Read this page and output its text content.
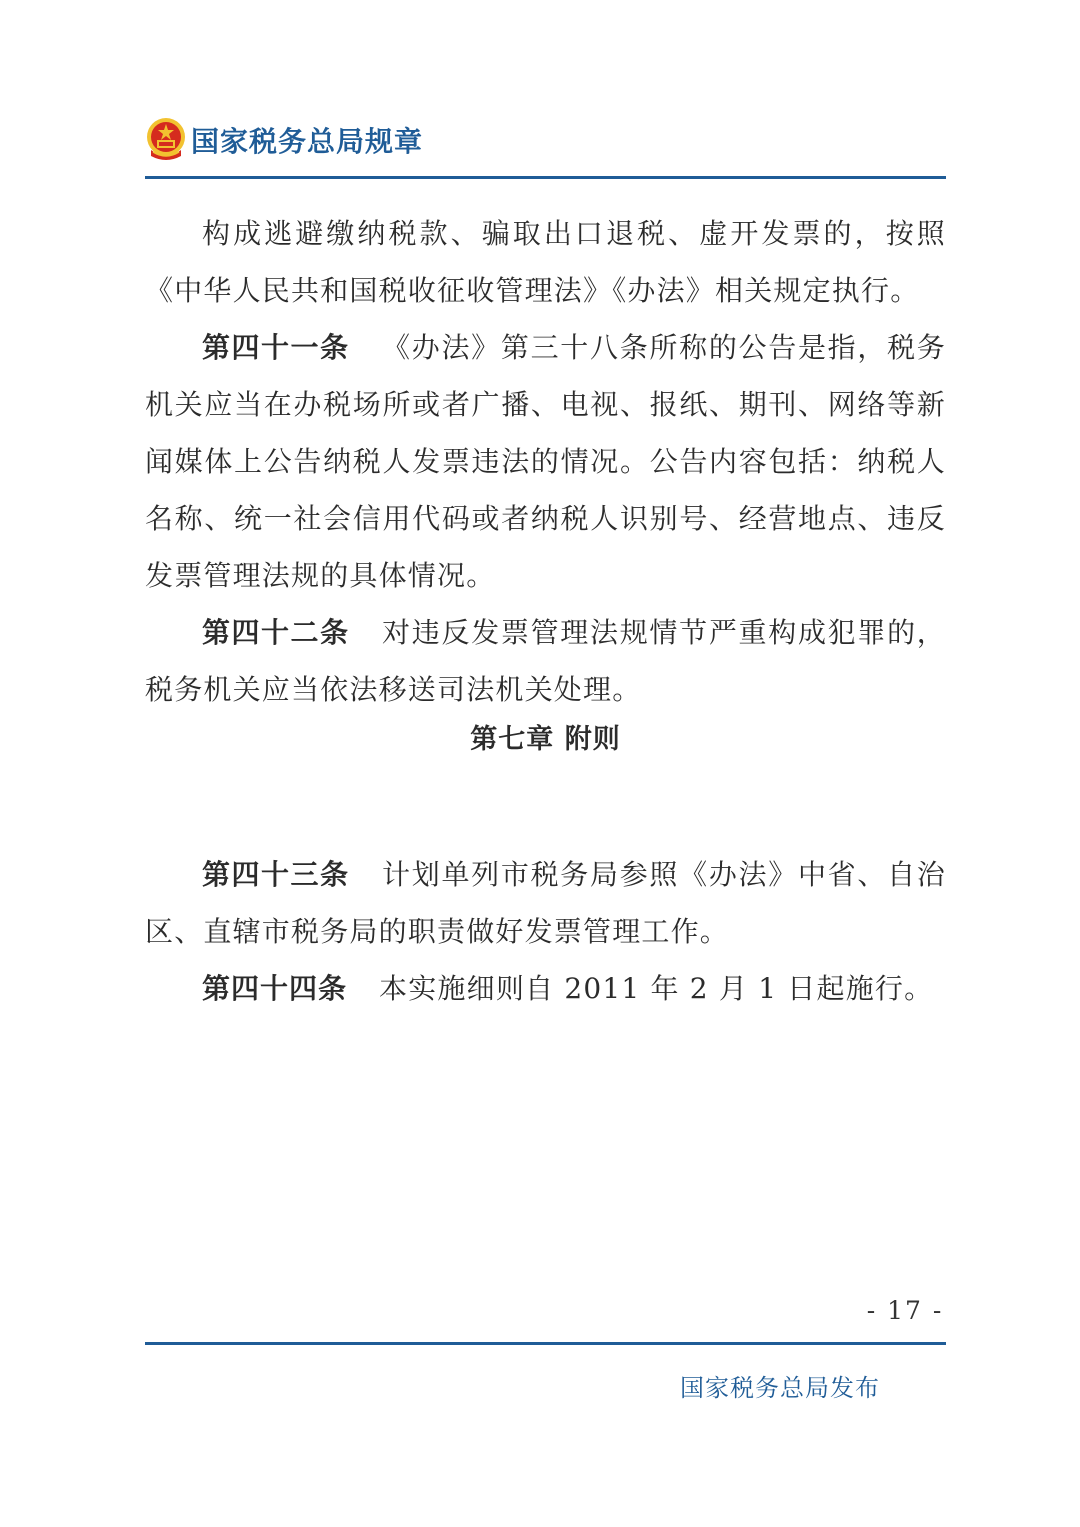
国家税务总局规章

构成逃避缴纳税款、骗取出口退税、虚开发票的，按照《中华人民共和国税收征收管理法》《办法》相关规定执行。

第四十一条 《办法》第三十八条所称的公告是指，税务机关应当在办税场所或者广播、电视、报纸、期刊、网络等新闻媒体上公告纳税人发票违法的情况。公告内容包括：纳税人名称、统一社会信用代码或者纳税人识别号、经营地点、违反发票管理法规的具体情况。

第四十二条 对违反发票管理法规情节严重构成犯罪的，税务机关应当依法移送司法机关处理。

第七章 附则

第四十三条 计划单列市税务局参照《办法》中省、自治区、直辖市税务局的职责做好发票管理工作。

第四十四条 本实施细则自 2011 年 2 月 1 日起施行。

- 17 -
国家税务总局发布
